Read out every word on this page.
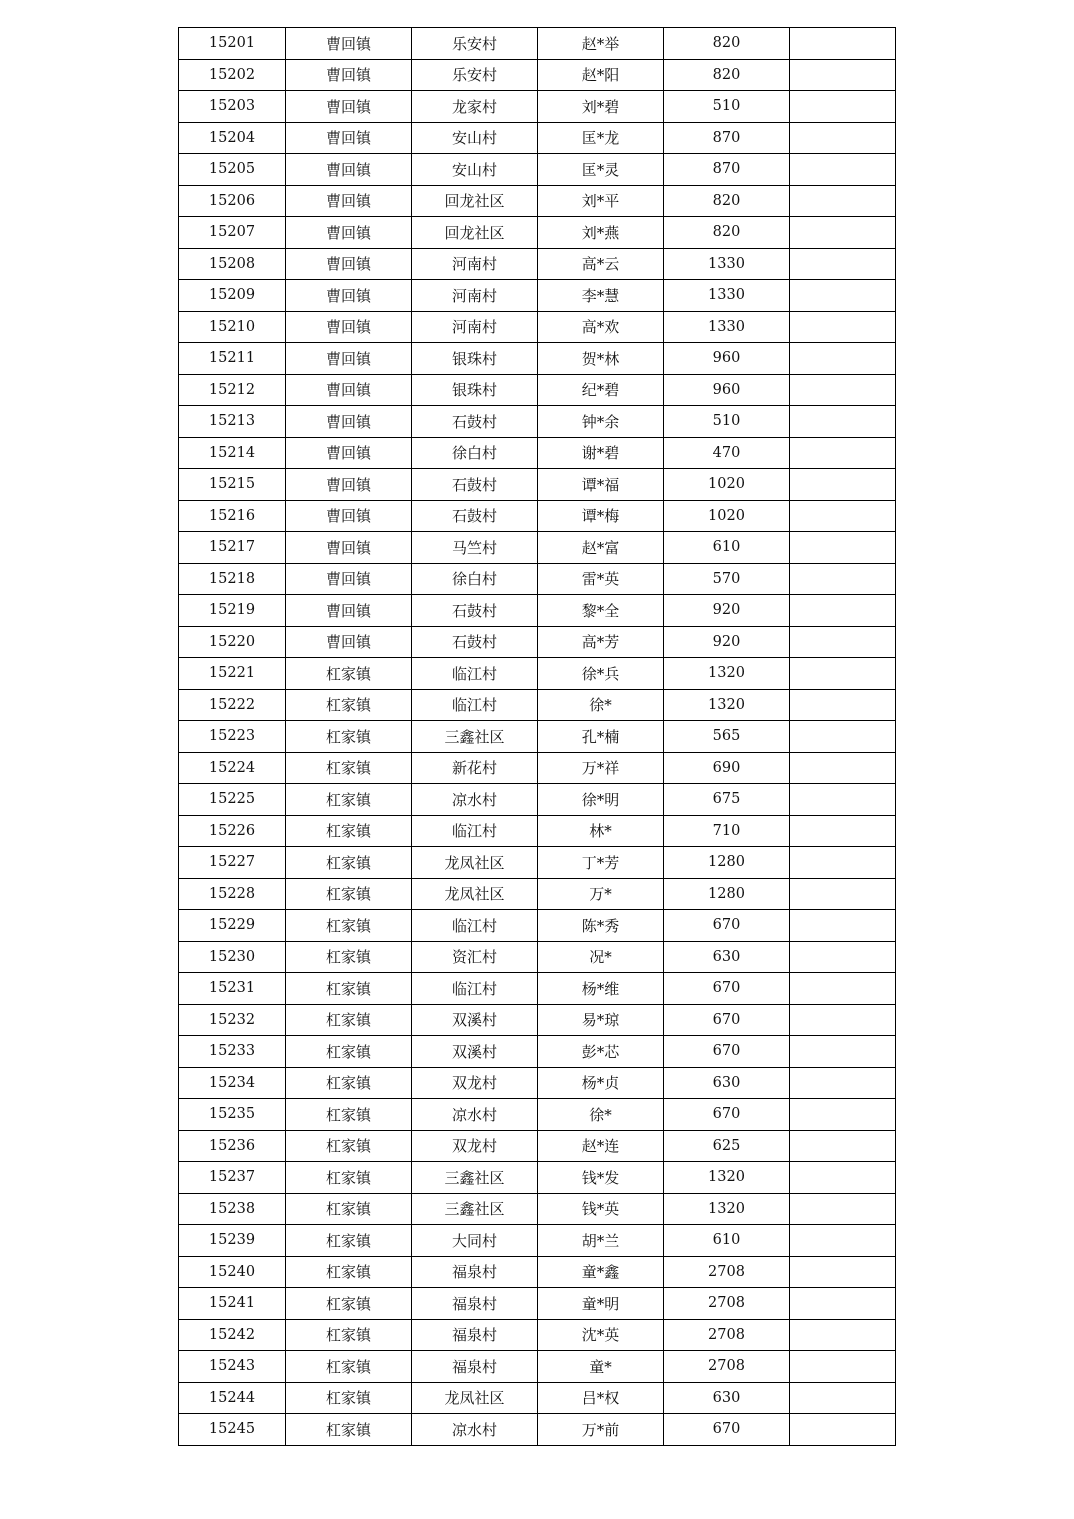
15201	曹回镇	乐安村	赵*举	820	
15202	曹回镇	乐安村	赵*阳	820	
15203	曹回镇	龙家村	刘*碧	510	
15204	曹回镇	安山村	匡*龙	870	
15205	曹回镇	安山村	匡*灵	870	
15206	曹回镇	回龙社区	刘*平	820	
15207	曹回镇	回龙社区	刘*燕	820	
15208	曹回镇	河南村	高*云	1330	
15209	曹回镇	河南村	李*慧	1330	
15210	曹回镇	河南村	高*欢	1330	
15211	曹回镇	银珠村	贺*林	960	
15212	曹回镇	银珠村	纪*碧	960	
15213	曹回镇	石鼓村	钟*余	510	
15214	曹回镇	徐白村	谢*碧	470	
15215	曹回镇	石鼓村	谭*福	1020	
15216	曹回镇	石鼓村	谭*梅	1020	
15217	曹回镇	马竺村	赵*富	610	
15218	曹回镇	徐白村	雷*英	570	
15219	曹回镇	石鼓村	黎*全	920	
15220	曹回镇	石鼓村	高*芳	920	
15221	杠家镇	临江村	徐*兵	1320	
15222	杠家镇	临江村	徐*	1320	
15223	杠家镇	三鑫社区	孔*楠	565	
15224	杠家镇	新花村	万*祥	690	
15225	杠家镇	凉水村	徐*明	675	
15226	杠家镇	临江村	林*	710	
15227	杠家镇	龙凤社区	丁*芳	1280	
15228	杠家镇	龙凤社区	万*	1280	
15229	杠家镇	临江村	陈*秀	670	
15230	杠家镇	资汇村	况*	630	
15231	杠家镇	临江村	杨*维	670	
15232	杠家镇	双溪村	易*琼	670	
15233	杠家镇	双溪村	彭*芯	670	
15234	杠家镇	双龙村	杨*贞	630	
15235	杠家镇	凉水村	徐*	670	
15236	杠家镇	双龙村	赵*连	625	
15237	杠家镇	三鑫社区	钱*发	1320	
15238	杠家镇	三鑫社区	钱*英	1320	
15239	杠家镇	大同村	胡*兰	610	
15240	杠家镇	福泉村	童*鑫	2708	
15241	杠家镇	福泉村	童*明	2708	
15242	杠家镇	福泉村	沈*英	2708	
15243	杠家镇	福泉村	童*	2708	
15244	杠家镇	龙凤社区	吕*权	630	
15245	杠家镇	凉水村	万*前	670	
